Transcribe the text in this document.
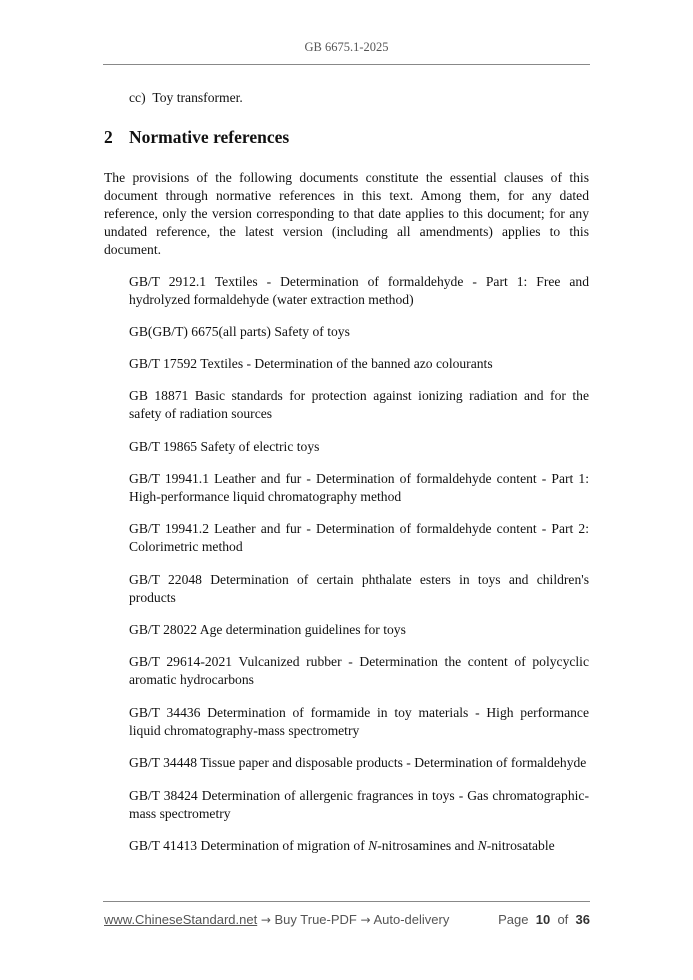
GB 6675.1-2025
cc)  Toy transformer.
2 Normative references

The provisions of the following documents constitute the essential clauses of this document through normative references in this text. Among them, for any dated reference, only the version corresponding to that date applies to this document; for any undated reference, the latest version (including all amendments) applies to this document.

GB/T 2912.1 Textiles - Determination of formaldehyde - Part 1: Free and hydrolyzed formaldehyde (water extraction method)
GB(GB/T) 6675(all parts) Safety of toys
GB/T 17592 Textiles - Determination of the banned azo colourants
GB 18871 Basic standards for protection against ionizing radiation and for the safety of radiation sources
GB/T 19865 Safety of electric toys
GB/T 19941.1 Leather and fur - Determination of formaldehyde content - Part 1: High-performance liquid chromatography method
GB/T 19941.2 Leather and fur - Determination of formaldehyde content - Part 2: Colorimetric method
GB/T 22048 Determination of certain phthalate esters in toys and children's products
GB/T 28022 Age determination guidelines for toys
GB/T 29614-2021 Vulcanized rubber - Determination the content of polycyclic aromatic hydrocarbons
GB/T 34436 Determination of formamide in toy materials - High performance liquid chromatography-mass spectrometry
GB/T 34448 Tissue paper and disposable products - Determination of formaldehyde
GB/T 38424 Determination of allergenic fragrances in toys - Gas chromatographic-mass spectrometry
GB/T 41413 Determination of migration of N-nitrosamines and N-nitrosatable
www.ChineseStandard.net → Buy True-PDF → Auto-delivery	Page 10 of 36
